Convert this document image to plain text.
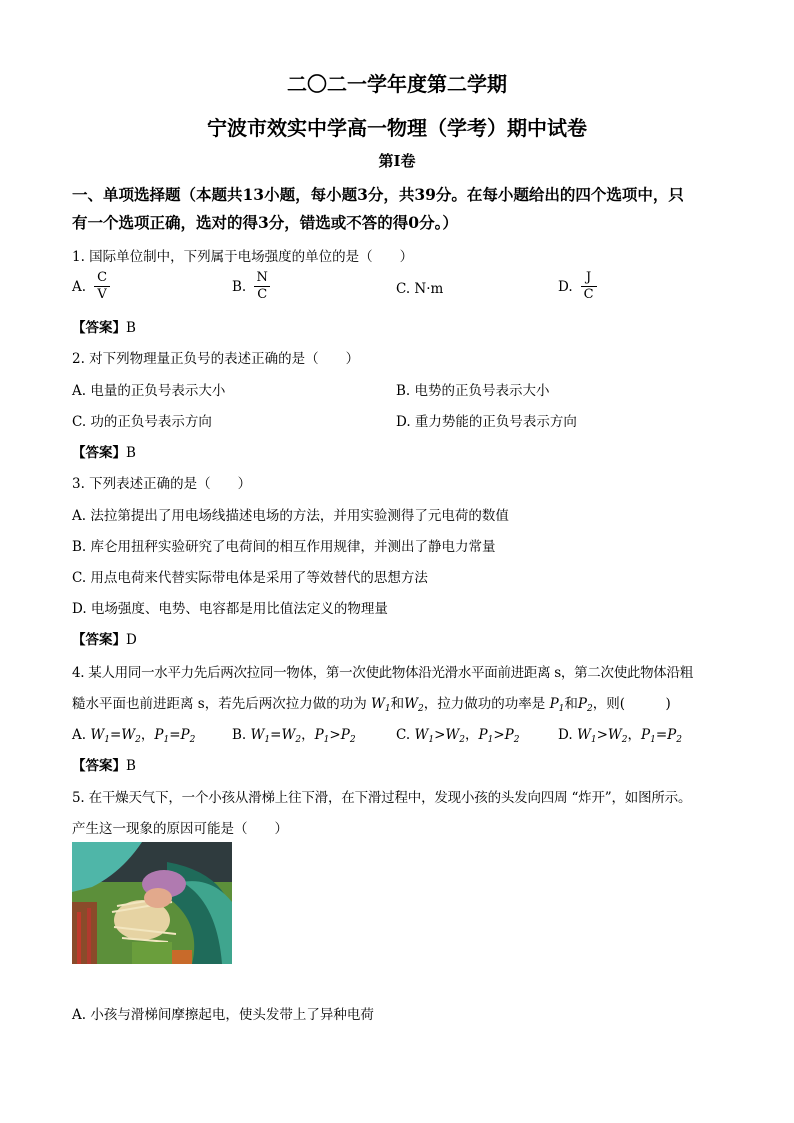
二〇二一学年度第二学期
宁波市效实中学高一物理（学考）期中试卷
第Ⅰ卷
一、单项选择题（本题共13小题，每小题3分，共39分。在每小题给出的四个选项中，只
有一个选项正确，选对的得3分，错选或不答的得0分。）
1. 国际单位制中，下列属于电场强度的单位的是（　　）
A. $\frac{C}{V}$	B. $\frac{N}{C}$	C. N·m	D. $\frac{J}{C}$
【答案】B
2. 对下列物理量正负号的表述正确的是（　　）
A. 电量的正负号表示大小	B. 电势的正负号表示大小
C. 功的正负号表示方向	D. 重力势能的正负号表示方向
【答案】B
3. 下列表述正确的是（　　）
A. 法拉第提出了用电场线描述电场的方法，并用实验测得了元电荷的数值
B. 库仑用扭秤实验研究了电荷间的相互作用规律，并测出了静电力常量
C. 用点电荷来代替实际带电体是采用了等效替代的思想方法
D. 电场强度、电势、电容都是用比值法定义的物理量
【答案】D
4. 某人用同一水平力先后两次拉同一物体，第一次使此物体沿光滑水平面前进距离 s，第二次使此物体沿粗
糙水平面也前进距离 s，若先后两次拉力做的功为 $W_1$和$W_2$，拉力做功的功率是 $P_1$和$P_2$，则(　　　)
A. $W_1=W_2$，$P_1=P_2$	B. $W_1=W_2$，$P_1>P_2$	C. $W_1>W_2$，$P_1>P_2$	D. $W_1>W_2$，$P_1=P_2$
【答案】B
5. 在干燥天气下，一个小孩从滑梯上往下滑，在下滑过程中，发现小孩的头发向四周 “炸开”，如图所示。
产生这一现象的原因可能是（　　）
A. 小孩与滑梯间摩擦起电，使头发带上了异种电荷
